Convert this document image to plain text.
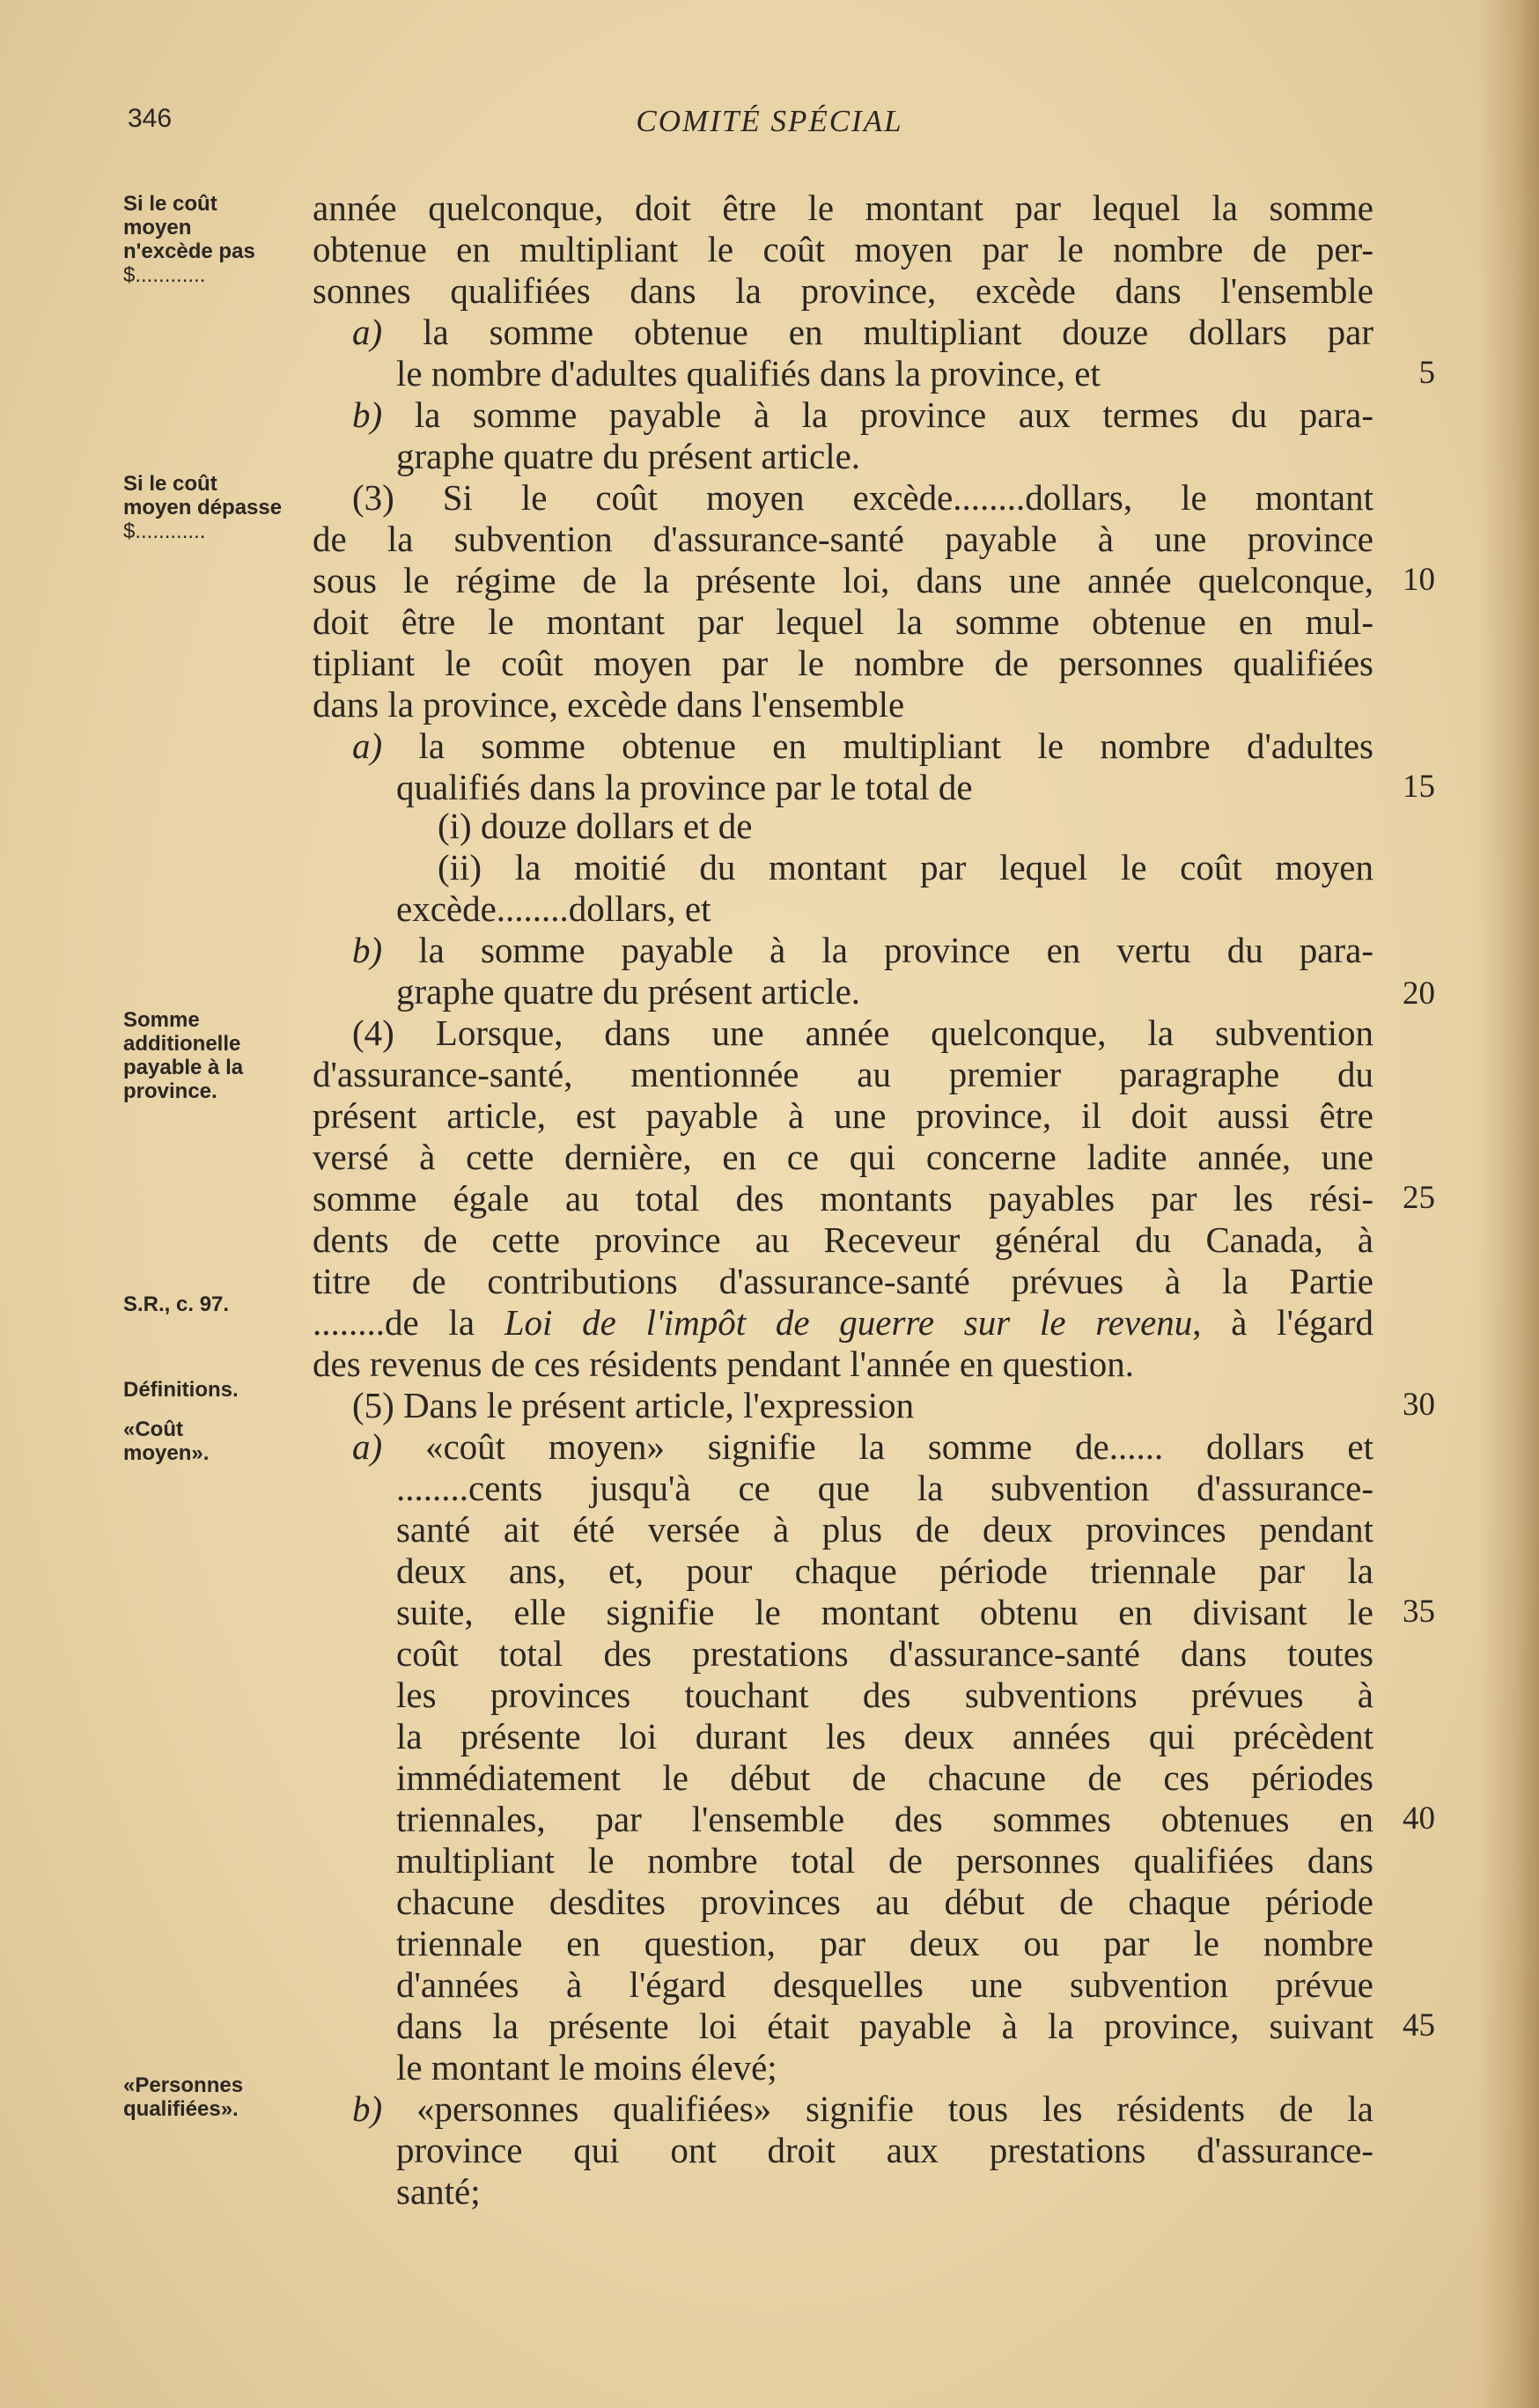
346	COMITÉ SPÉCIAL
Si le coût moyen n'excède pas
$............
Si le coût moyen dépasse
$............
Somme additionelle payable à la province.
S.R., c. 97.
Définitions.
«Coût moyen».
«Personnes qualifiées».
année quelconque, doit être le montant par lequel la somme
obtenue en multipliant le coût moyen par le nombre de per-
sonnes qualifiées dans la province, excède dans l'ensemble
a) la somme obtenue en multipliant douze dollars par
le nombre d'adultes qualifiés dans la province, et	5
b) la somme payable à la province aux termes du para-
graphe quatre du présent article.
(3) Si le coût moyen excède........dollars, le montant
de la subvention d'assurance-santé payable à une province
sous le régime de la présente loi, dans une année quelconque, 10
doit être le montant par lequel la somme obtenue en mul-
tipliant le coût moyen par le nombre de personnes qualifiées
dans la province, excède dans l'ensemble
a) la somme obtenue en multipliant le nombre d'adultes
qualifiés dans la province par le total de	15
(i) douze dollars et de
(ii) la moitié du montant par lequel le coût moyen
excède........dollars, et
b) la somme payable à la province en vertu du para-
graphe quatre du présent article.	20
(4) Lorsque, dans une année quelconque, la subvention
d'assurance-santé, mentionnée au premier paragraphe du
présent article, est payable à une province, il doit aussi être
versé à cette dernière, en ce qui concerne ladite année, une
somme égale au total des montants payables par les rési- 25
dents de cette province au Receveur général du Canada, à
titre de contributions d'assurance-santé prévues à la Partie
........de la Loi de l'impôt de guerre sur le revenu, à l'égard
des revenus de ces résidents pendant l'année en question.
(5) Dans le présent article, l'expression	30
a) «coût moyen» signifie la somme de...... dollars et
........cents jusqu'à ce que la subvention d'assurance-
santé ait été versée à plus de deux provinces pendant
deux ans, et, pour chaque période triennale par la
suite, elle signifie le montant obtenu en divisant le 35
coût total des prestations d'assurance-santé dans toutes
les provinces touchant des subventions prévues à
la présente loi durant les deux années qui précèdent
immédiatement le début de chacune de ces périodes
triennales, par l'ensemble des sommes obtenues en 40
multipliant le nombre total de personnes qualifiées dans
chacune desdites provinces au début de chaque période
triennale en question, par deux ou par le nombre
d'années à l'égard desquelles une subvention prévue
dans la présente loi était payable à la province, suivant 45
le montant le moins élevé;
b) «personnes qualifiées» signifie tous les résidents de la
province qui ont droit aux prestations d'assurance-
santé;
